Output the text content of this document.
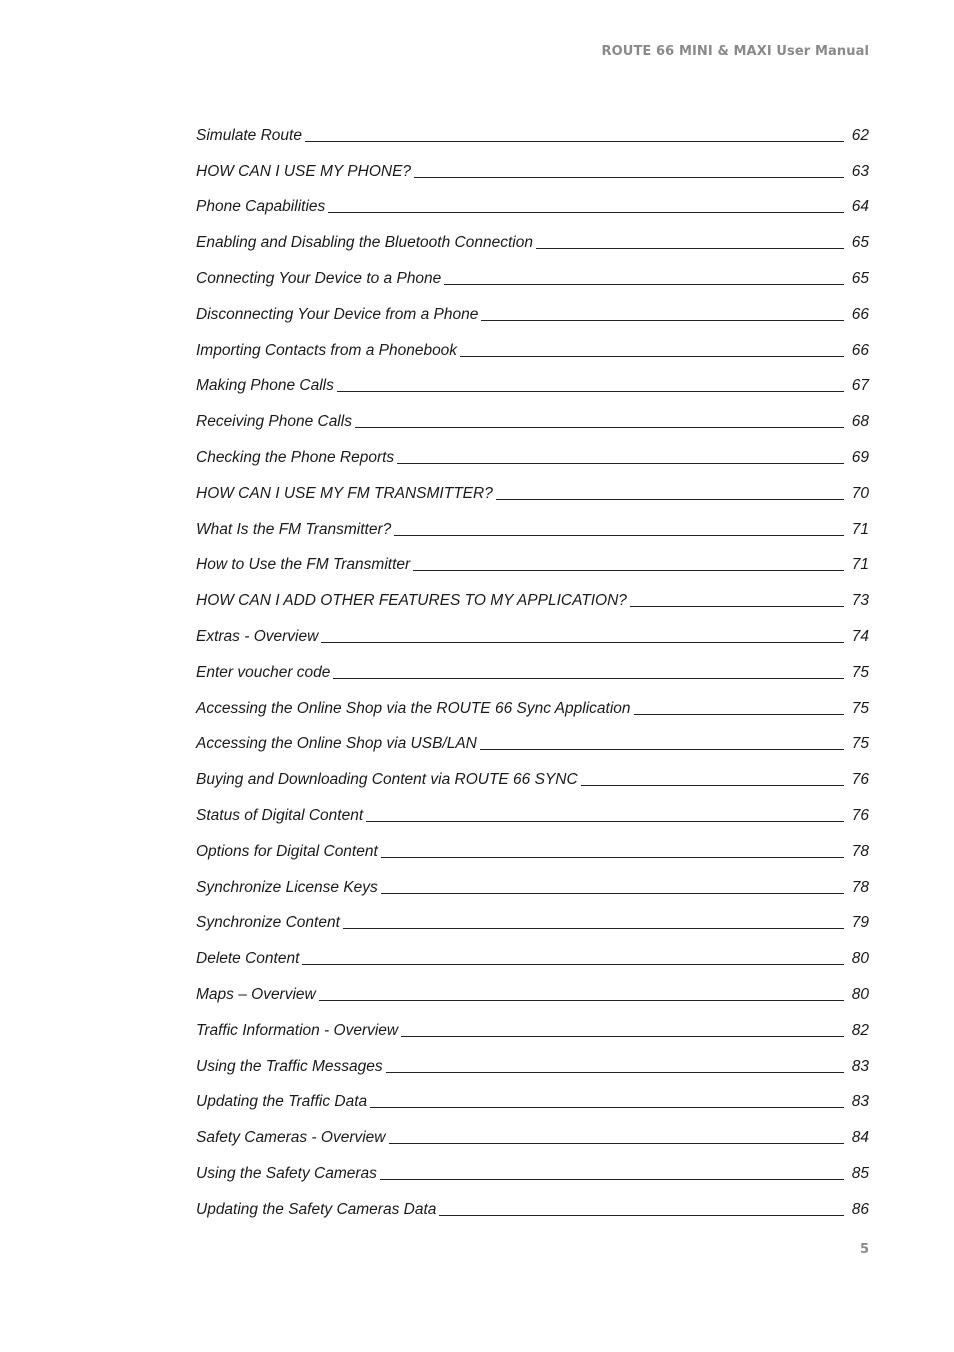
ROUTE 66 MINI & MAXI User Manual
Simulate Route	62
HOW CAN I USE MY PHONE?	63
Phone Capabilities	64
Enabling and Disabling the Bluetooth Connection	65
Connecting Your Device to a Phone	65
Disconnecting Your Device from a Phone	66
Importing Contacts from a Phonebook	66
Making Phone Calls	67
Receiving Phone Calls	68
Checking the Phone Reports	69
HOW CAN I USE MY FM TRANSMITTER?	70
What Is the FM Transmitter?	71
How to Use the FM Transmitter	71
HOW CAN I ADD OTHER FEATURES TO MY APPLICATION?	73
Extras - Overview	74
Enter voucher code	75
Accessing the Online Shop via the ROUTE 66 Sync Application	75
Accessing the Online Shop via USB/LAN	75
Buying and Downloading Content via ROUTE 66 SYNC	76
Status of Digital Content	76
Options for Digital Content	78
Synchronize License Keys	78
Synchronize Content	79
Delete Content	80
Maps – Overview	80
Traffic Information - Overview	82
Using the Traffic Messages	83
Updating the Traffic Data	83
Safety Cameras - Overview	84
Using the Safety Cameras	85
Updating the Safety Cameras Data	86
5
